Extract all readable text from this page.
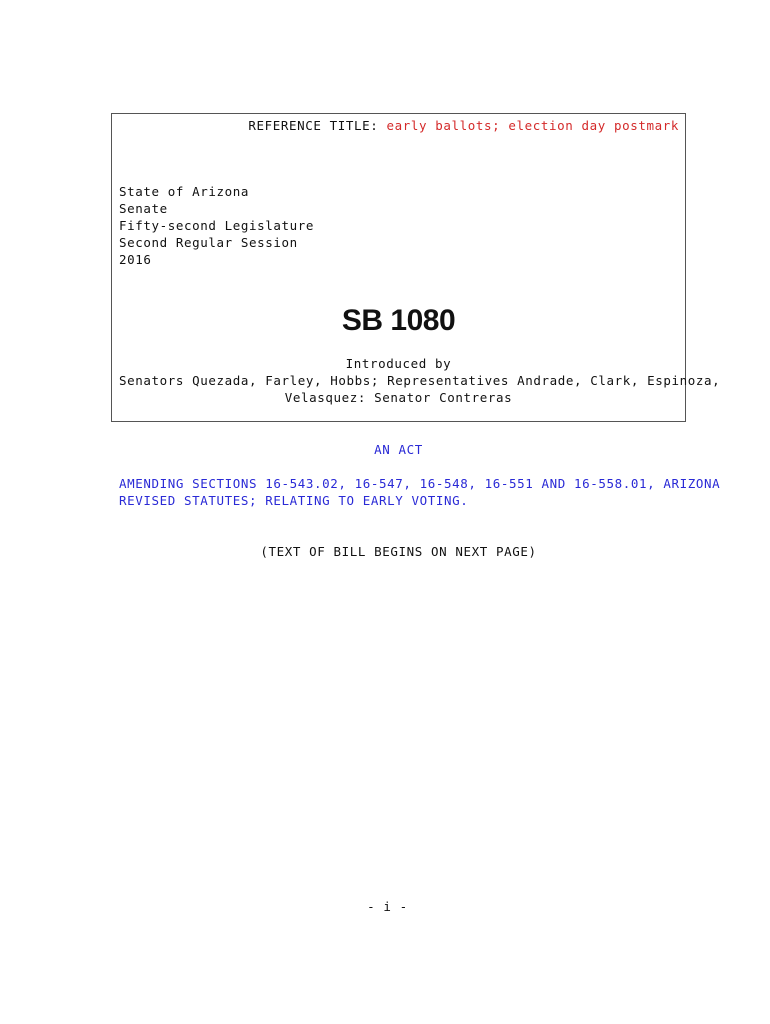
REFERENCE TITLE: early ballots; election day postmark
State of Arizona
Senate
Fifty-second Legislature
Second Regular Session
2016
SB 1080
Introduced by
Senators Quezada, Farley, Hobbs; Representatives Andrade, Clark, Espinoza,
Velasquez: Senator Contreras
AN ACT
AMENDING SECTIONS 16-543.02, 16-547, 16-548, 16-551 AND 16-558.01, ARIZONA
REVISED STATUTES; RELATING TO EARLY VOTING.
(TEXT OF BILL BEGINS ON NEXT PAGE)
- i -
